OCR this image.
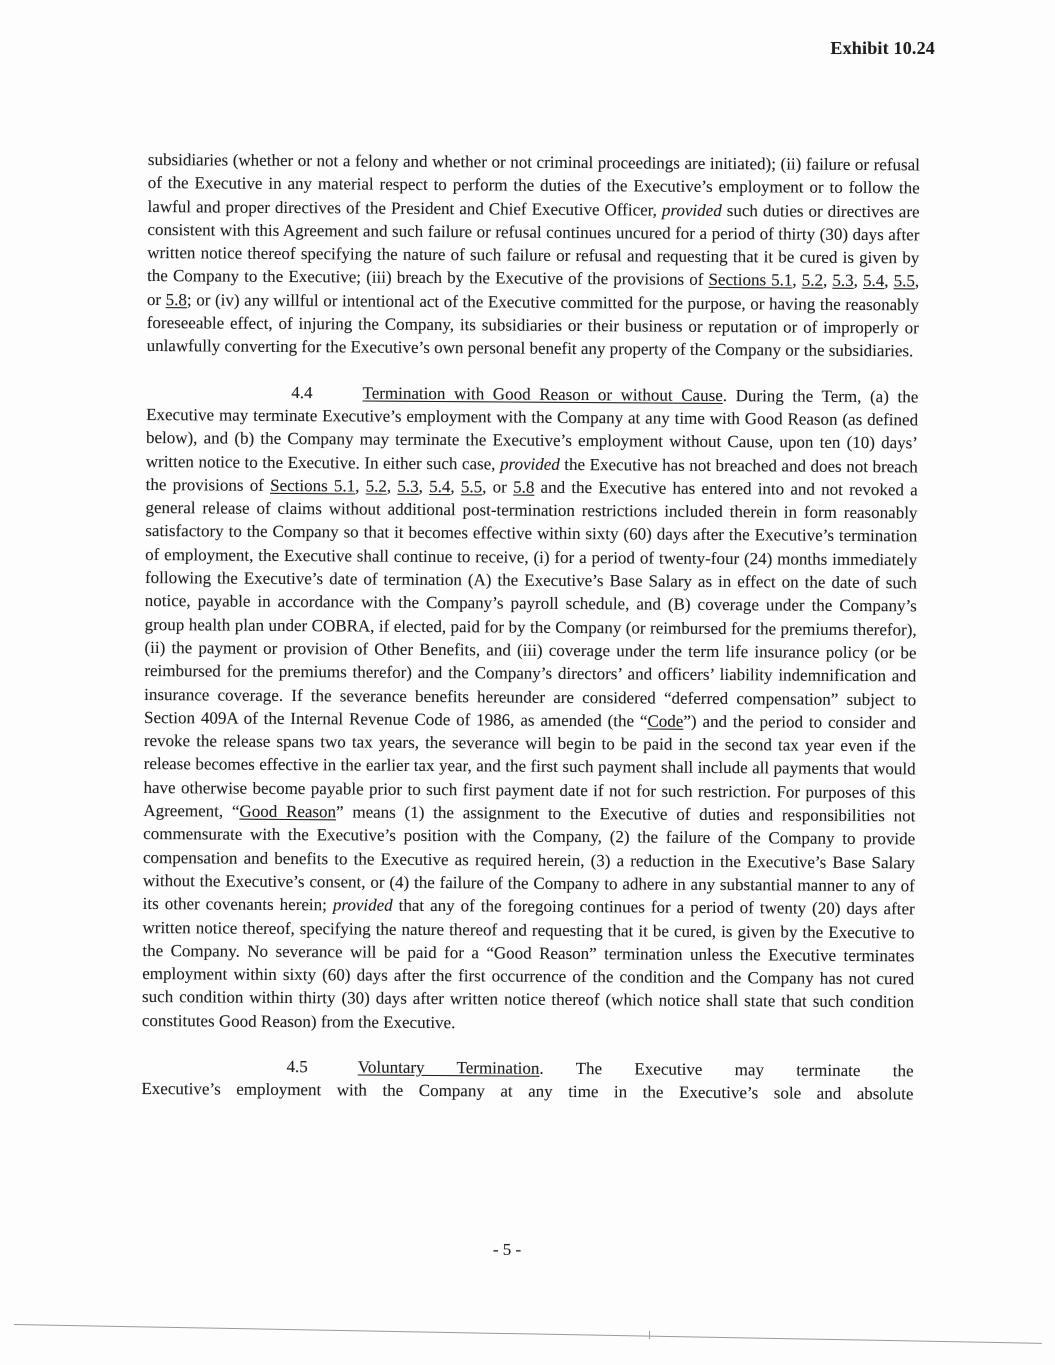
Exhibit 10.24
subsidiaries (whether or not a felony and whether or not criminal proceedings are initiated); (ii) failure or refusal of the Executive in any material respect to perform the duties of the Executive’s employment or to follow the lawful and proper directives of the President and Chief Executive Officer, provided such duties or directives are consistent with this Agreement and such failure or refusal continues uncured for a period of thirty (30) days after written notice thereof specifying the nature of such failure or refusal and requesting that it be cured is given by the Company to the Executive; (iii) breach by the Executive of the provisions of Sections 5.1, 5.2, 5.3, 5.4, 5.5, or 5.8; or (iv) any willful or intentional act of the Executive committed for the purpose, or having the reasonably foreseeable effect, of injuring the Company, its subsidiaries or their business or reputation or of improperly or unlawfully converting for the Executive’s own personal benefit any property of the Company or the subsidiaries.
4.4	Termination with Good Reason or without Cause. During the Term, (a) the Executive may terminate Executive’s employment with the Company at any time with Good Reason (as defined below), and (b) the Company may terminate the Executive’s employment without Cause, upon ten (10) days’ written notice to the Executive. In either such case, provided the Executive has not breached and does not breach the provisions of Sections 5.1, 5.2, 5.3, 5.4, 5.5, or 5.8 and the Executive has entered into and not revoked a general release of claims without additional post-termination restrictions included therein in form reasonably satisfactory to the Company so that it becomes effective within sixty (60) days after the Executive’s termination of employment, the Executive shall continue to receive, (i) for a period of twenty-four (24) months immediately following the Executive’s date of termination (A) the Executive’s Base Salary as in effect on the date of such notice, payable in accordance with the Company’s payroll schedule, and (B) coverage under the Company’s group health plan under COBRA, if elected, paid for by the Company (or reimbursed for the premiums therefor), (ii) the payment or provision of Other Benefits, and (iii) coverage under the term life insurance policy (or be reimbursed for the premiums therefor) and the Company’s directors’ and officers’ liability indemnification and insurance coverage. If the severance benefits hereunder are considered “deferred compensation” subject to Section 409A of the Internal Revenue Code of 1986, as amended (the “Code”) and the period to consider and revoke the release spans two tax years, the severance will begin to be paid in the second tax year even if the release becomes effective in the earlier tax year, and the first such payment shall include all payments that would have otherwise become payable prior to such first payment date if not for such restriction. For purposes of this Agreement, “Good Reason” means (1) the assignment to the Executive of duties and responsibilities not commensurate with the Executive’s position with the Company, (2) the failure of the Company to provide compensation and benefits to the Executive as required herein, (3) a reduction in the Executive’s Base Salary without the Executive’s consent, or (4) the failure of the Company to adhere in any substantial manner to any of its other covenants herein; provided that any of the foregoing continues for a period of twenty (20) days after written notice thereof, specifying the nature thereof and requesting that it be cured, is given by the Executive to the Company. No severance will be paid for a “Good Reason” termination unless the Executive terminates employment within sixty (60) days after the first occurrence of the condition and the Company has not cured such condition within thirty (30) days after written notice thereof (which notice shall state that such condition constitutes Good Reason) from the Executive.
4.5	Voluntary Termination. The Executive may terminate the
Executive’s employment with the Company at any time in the Executive’s sole and absolute
- 5 -
